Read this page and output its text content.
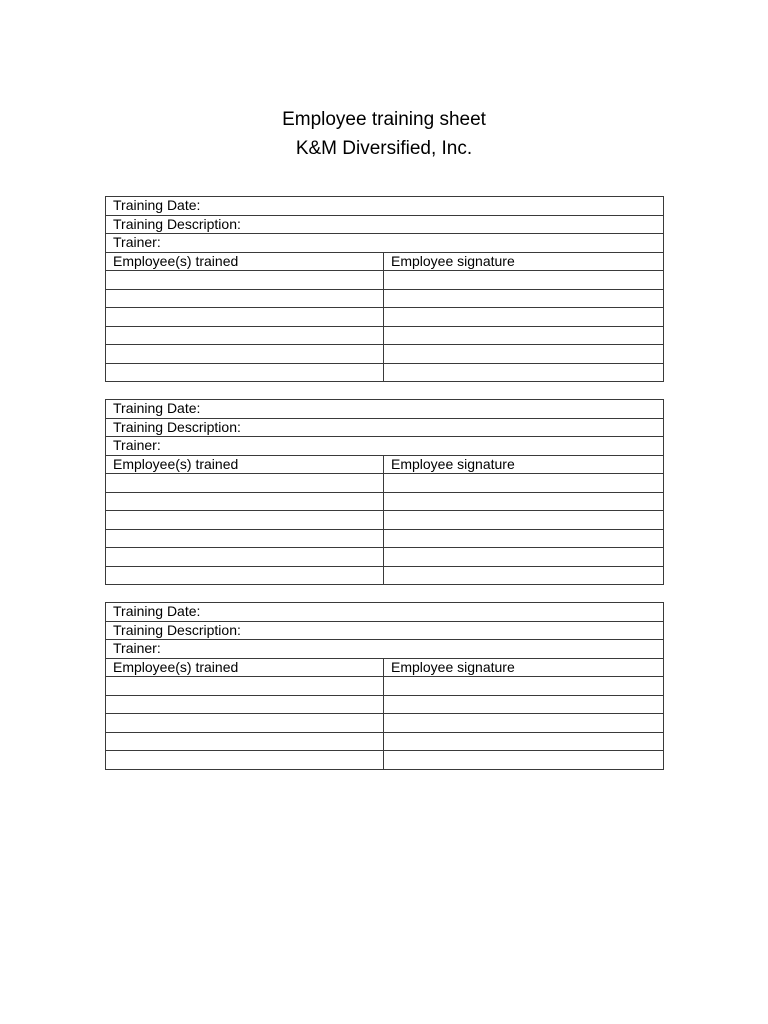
Employee training sheet
K&M Diversified, Inc.
Training Date:	
Training Description:	
Trainer:	
Employee(s) trained	Employee signature

Training Date:	
Training Description:	
Trainer:	
Employee(s) trained	Employee signature

Training Date:	
Training Description:	
Trainer:	
Employee(s) trained	Employee signature
